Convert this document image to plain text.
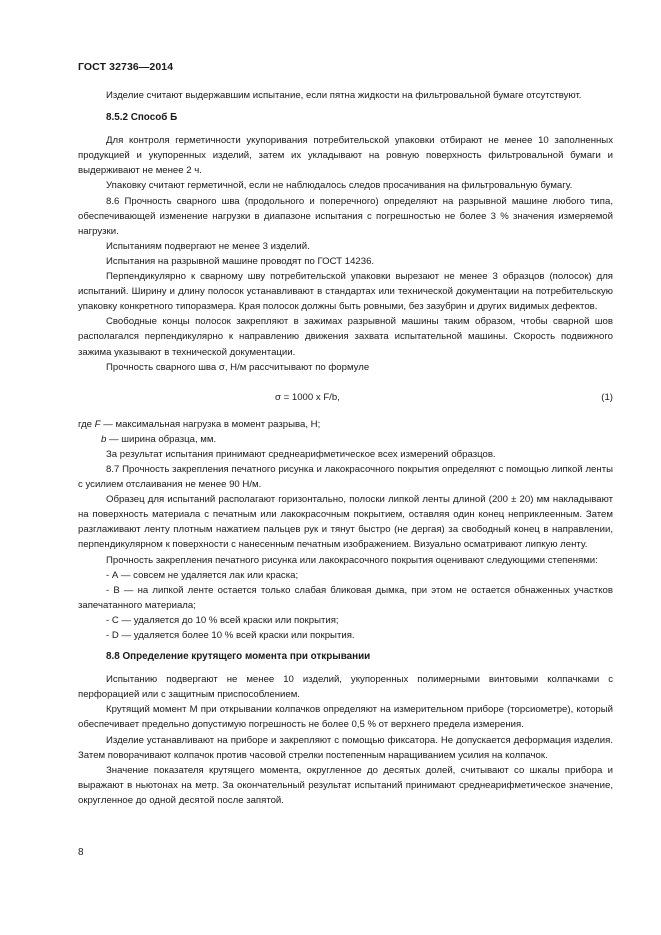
ГОСТ 32736—2014

Изделие считают выдержавшим испытание, если пятна жидкости на фильтровальной бумаге отсутствуют.

8.5.2 Способ Б

Для контроля герметичности укупоривания потребительской упаковки отбирают не менее 10 заполненных продукцией и укупоренных изделий, затем их укладывают на ровную поверхность фильтровальной бумаги и выдерживают не менее 2 ч.

Упаковку считают герметичной, если не наблюдалось следов просачивания на фильтровальную бумагу.

8.6 Прочность сварного шва (продольного и поперечного) определяют на разрывной машине любого типа, обеспечивающей изменение нагрузки в диапазоне испытания с погрешностью не более 3 % значения измеряемой нагрузки.

Испытаниям подвергают не менее 3 изделий.

Испытания на разрывной машине проводят по ГОСТ 14236.

Перпендикулярно к сварному шву потребительской упаковки вырезают не менее 3 образцов (полосок) для испытаний. Ширину и длину полосок устанавливают в стандартах или технической документации на потребительскую упаковку конкретного типоразмера. Края полосок должны быть ровными, без зазубрин и других видимых дефектов.

Свободные концы полосок закрепляют в зажимах разрывной машины таким образом, чтобы сварной шов располагался перпендикулярно к направлению движения захвата испытательной машины. Скорость подвижного зажима указывают в технической документации.

Прочность сварного шва σ, Н/м рассчитывают по формуле

σ = 1000 x F/b,	(1)

где F — максимальная нагрузка в момент разрыва, Н;

b — ширина образца, мм.

За результат испытания принимают среднеарифметическое всех измерений образцов.

8.7 Прочность закрепления печатного рисунка и лакокрасочного покрытия определяют с помощью липкой ленты с усилием отслаивания не менее 90 Н/м.

Образец для испытаний располагают горизонтально, полоски липкой ленты длиной (200 ± 20) мм накладывают на поверхность материала с печатным или лакокрасочным покрытием, оставляя один конец неприклеенным. Затем разглаживают ленту плотным нажатием пальцев рук и тянут быстро (не дергая) за свободный конец в направлении, перпендикулярном к поверхности с нанесенным печатным изображением. Визуально осматривают липкую ленту.

Прочность закрепления печатного рисунка или лакокрасочного покрытия оценивают следующими степенями:

- А — совсем не удаляется лак или краска;

- В — на липкой ленте остается только слабая бликовая дымка, при этом не остается обнаженных участков запечатанного материала;

- С — удаляется до 10 % всей краски или покрытия;

- D — удаляется более 10 % всей краски или покрытия.

8.8 Определение крутящего момента при открывании

Испытанию подвергают не менее 10 изделий, укупоренных полимерными винтовыми колпачками с перфорацией или с защитным приспособлением.

Крутящий момент М при открывании колпачков определяют на измерительном приборе (торсиометре), который обеспечивает предельно допустимую погрешность не более 0,5 % от верхнего предела измерения.

Изделие устанавливают на приборе и закрепляют с помощью фиксатора. Не допускается деформация изделия. Затем поворачивают колпачок против часовой стрелки постепенным наращиванием усилия на колпачок.

Значение показателя крутящего момента, округленное до десятых долей, считывают со шкалы прибора и выражают в ньютонах на метр. За окончательный результат испытаний принимают среднеарифметическое значение, округленное до одной десятой после запятой.

8
